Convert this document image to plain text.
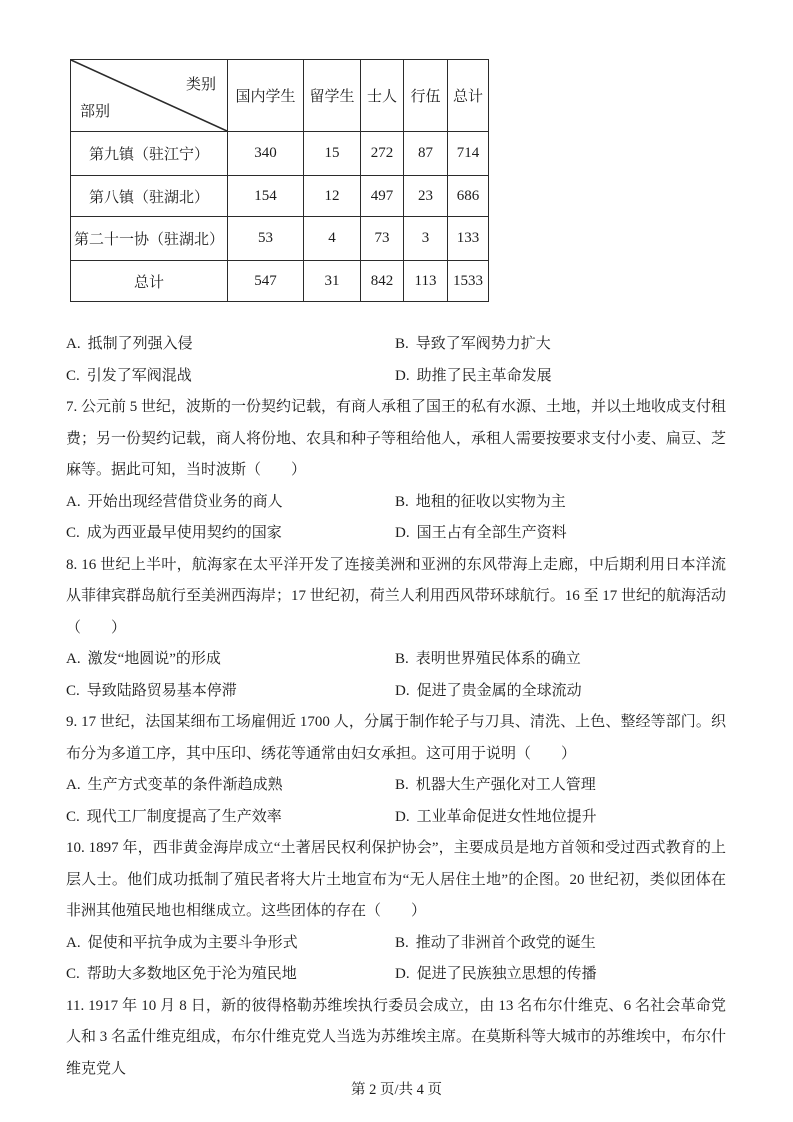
类别
部别	国内学生	留学生	士人	行伍	总计
第九镇（驻江宁）	340	15	272	87	714
第八镇（驻湖北）	154	12	497	23	686
第二十一协（驻湖北）	53	4	73	3	133
总计	547	31	842	113	1533
A. 抵制了列强入侵	B. 导致了军阀势力扩大
C. 引发了军阀混战	D. 助推了民主革命发展

7. 公元前 5 世纪，波斯的一份契约记载，有商人承租了国王的私有水源、土地，并以土地收成支付租费；另一份契约记载，商人将份地、农具和种子等租给他人，承租人需要按要求支付小麦、扁豆、芝麻等。据此可知，当时波斯（　　）

A. 开始出现经营借贷业务的商人	B. 地租的征收以实物为主
C. 成为西亚最早使用契约的国家	D. 国王占有全部生产资料

8. 16 世纪上半叶，航海家在太平洋开发了连接美洲和亚洲的东风带海上走廊，中后期利用日本洋流从菲律宾群岛航行至美洲西海岸；17 世纪初，荷兰人利用西风带环球航行。16 至 17 世纪的航海活动（　　）

A. 激发“地圆说”的形成	B. 表明世界殖民体系的确立
C. 导致陆路贸易基本停滞	D. 促进了贵金属的全球流动

9. 17 世纪，法国某细布工场雇佣近 1700 人，分属于制作轮子与刀具、清洗、上色、整经等部门。织布分为多道工序，其中压印、绣花等通常由妇女承担。这可用于说明（　　）

A. 生产方式变革的条件渐趋成熟	B. 机器大生产强化对工人管理
C. 现代工厂制度提高了生产效率	D. 工业革命促进女性地位提升

10. 1897 年，西非黄金海岸成立“土著居民权利保护协会”，主要成员是地方首领和受过西式教育的上层人士。他们成功抵制了殖民者将大片土地宣布为“无人居住土地”的企图。20 世纪初，类似团体在非洲其他殖民地也相继成立。这些团体的存在（　　）

A. 促使和平抗争成为主要斗争形式	B. 推动了非洲首个政党的诞生
C. 帮助大多数地区免于沦为殖民地	D. 促进了民族独立思想的传播

11. 1917 年 10 月 8 日，新的彼得格勒苏维埃执行委员会成立，由 13 名布尔什维克、6 名社会革命党人和 3 名孟什维克组成，布尔什维克党人当选为苏维埃主席。在莫斯科等大城市的苏维埃中，布尔什维克党人

第 2 页/共 4 页
